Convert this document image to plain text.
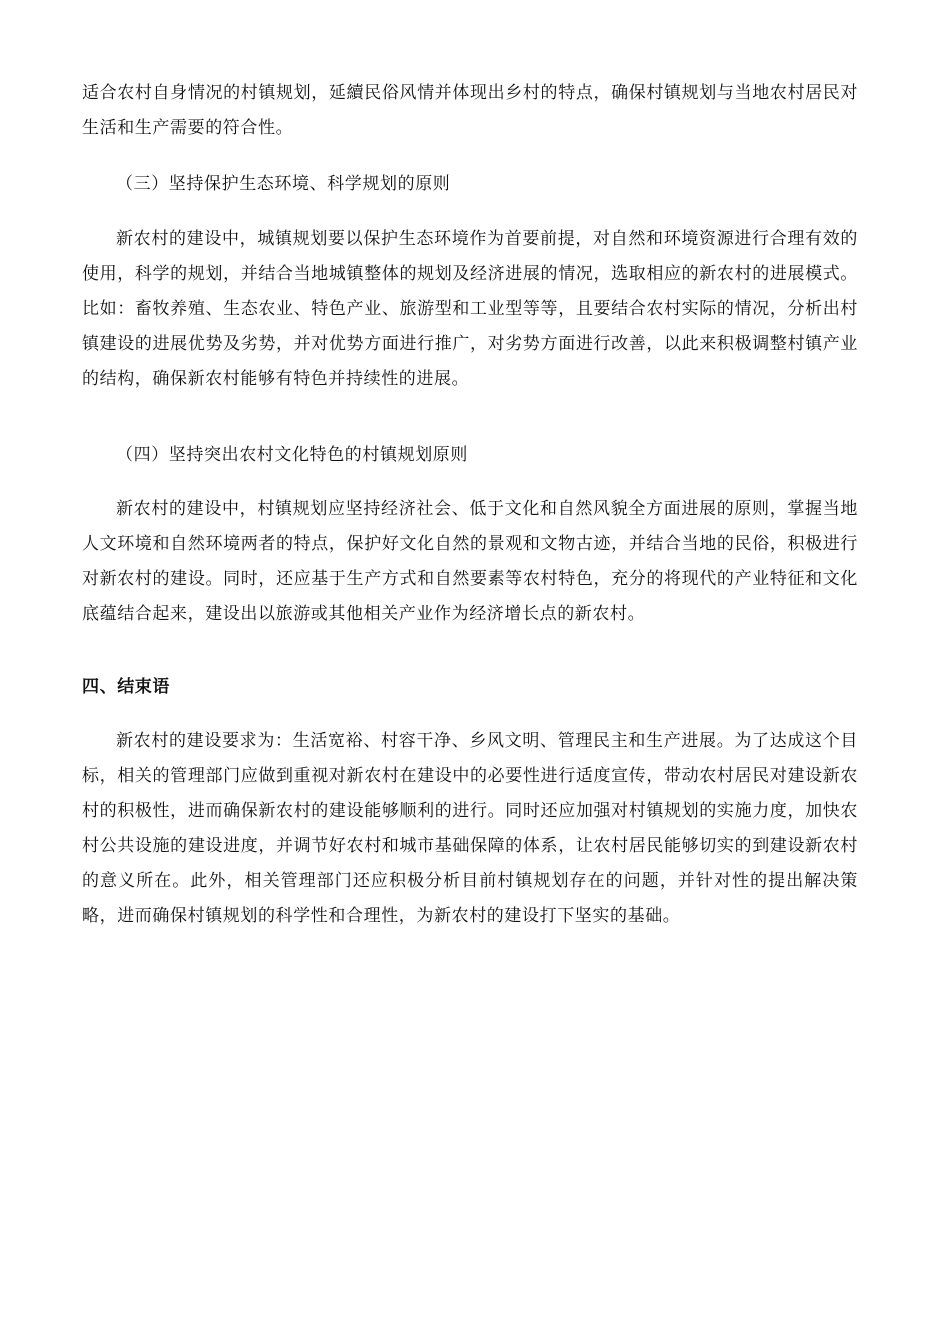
适合农村自身情况的村镇规划，延續民俗风情并体现出乡村的特点，确保村镇规划与当地农村居民对生活和生产需要的符合性。

（三）坚持保护生态环境、科学规划的原则

新农村的建设中，城镇规划要以保护生态环境作为首要前提，对自然和环境资源进行合理有效的使用，科学的规划，并结合当地城镇整体的规划及经济进展的情况，选取相应的新农村的进展模式。比如：畜牧养殖、生态农业、特色产业、旅游型和工业型等等，且要结合农村实际的情况，分析出村镇建设的进展优势及劣势，并对优势方面进行推广，对劣势方面进行改善，以此来积极调整村镇产业的结构，确保新农村能够有特色并持续性的进展。

（四）坚持突出农村文化特色的村镇规划原则

新农村的建设中，村镇规划应坚持经济社会、低于文化和自然风貌全方面进展的原则，掌握当地人文环境和自然环境两者的特点，保护好文化自然的景观和文物古迹，并结合当地的民俗，积极进行对新农村的建设。同时，还应基于生产方式和自然要素等农村特色，充分的将现代的产业特征和文化底蕴结合起来，建设出以旅游或其他相关产业作为经济增长点的新农村。

四、结束语

新农村的建设要求为：生活宽裕、村容干净、乡风文明、管理民主和生产进展。为了达成这个目标，相关的管理部门应做到重视对新农村在建设中的必要性进行适度宣传，带动农村居民对建设新农村的积极性，进而确保新农村的建设能够顺利的进行。同时还应加强对村镇规划的实施力度，加快农村公共设施的建设进度，并调节好农村和城市基础保障的体系，让农村居民能够切实的到建设新农村的意义所在。此外，相关管理部门还应积极分析目前村镇规划存在的问题，并针对性的提出解决策略，进而确保村镇规划的科学性和合理性，为新农村的建设打下坚实的基础。
